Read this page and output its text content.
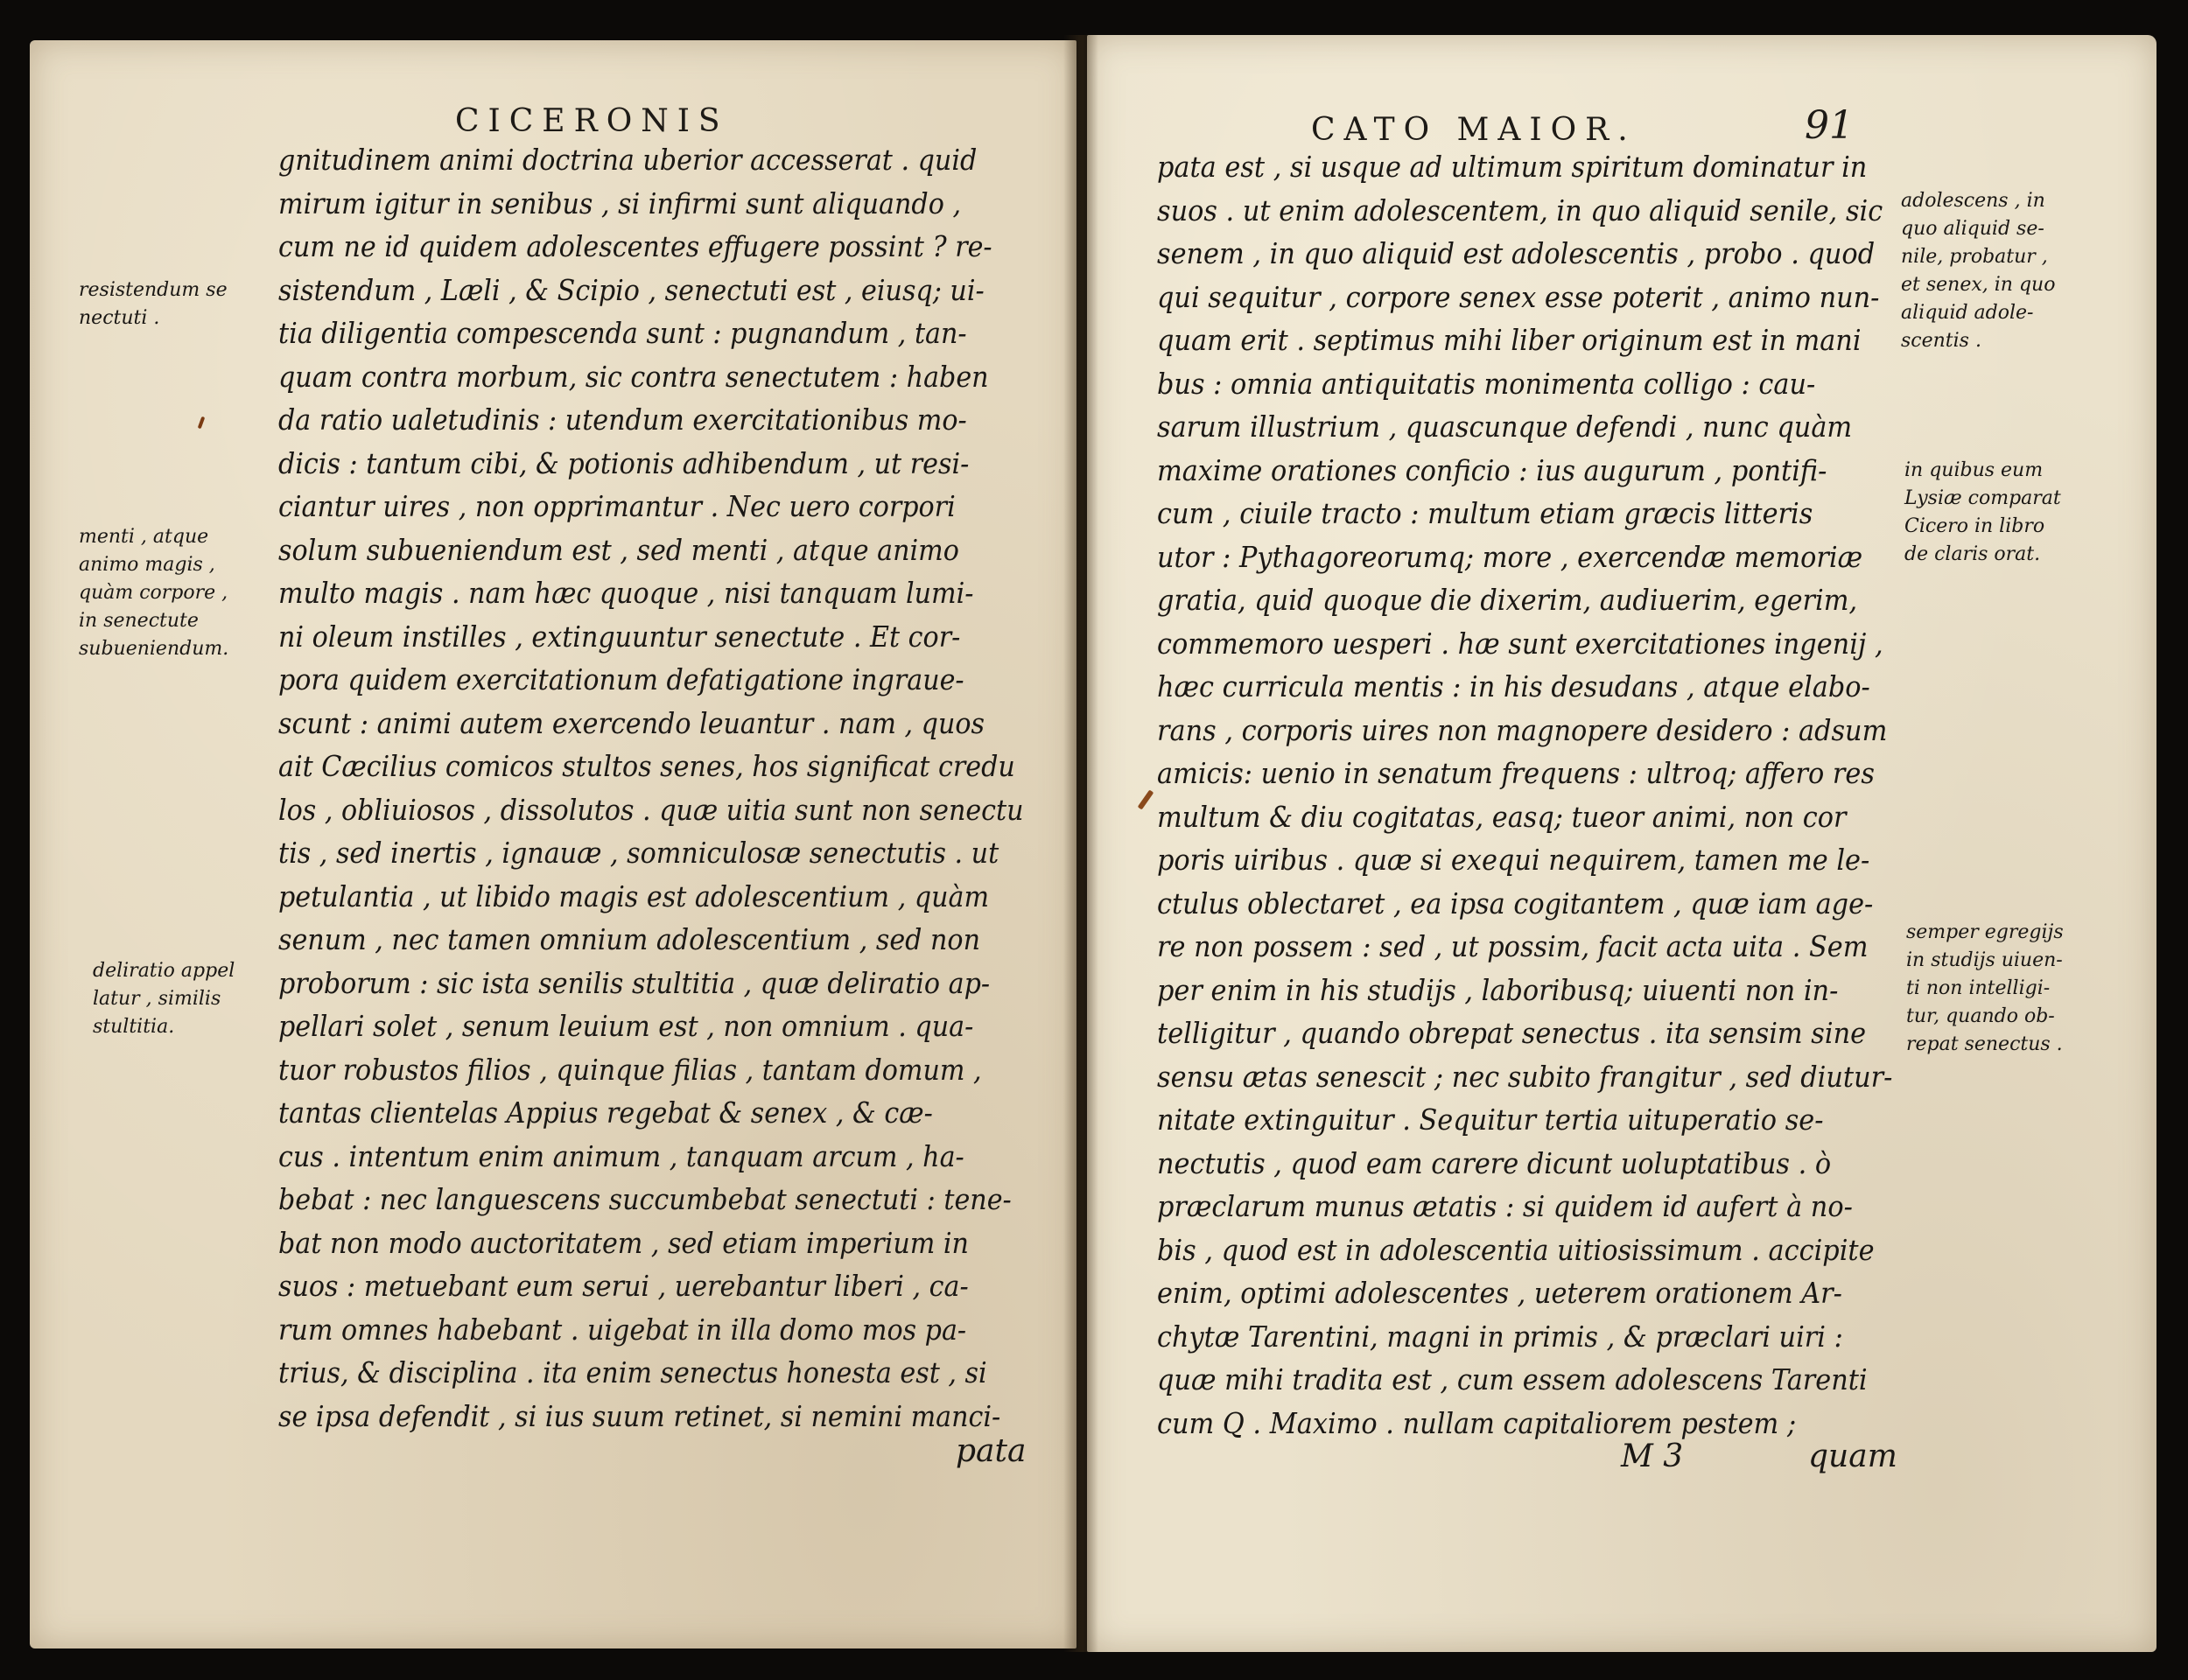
CICERONIS
gnitudinem animi doctrina uberior accesserat . quid
mirum igitur in senibus , si infirmi sunt aliquando ,
cum ne id quidem adolescentes effugere possint ? re-
sistendum , Læli , & Scipio , senectuti est , eiusq; ui-
tia diligentia compescenda sunt : pugnandum , tan-
quam contra morbum, sic contra senectutem : haben
da ratio ualetudinis : utendum exercitationibus mo-
dicis : tantum cibi, & potionis adhibendum , ut resi-
ciantur uires , non opprimantur . Nec uero corpori
solum subueniendum est , sed menti , atque animo
multo magis . nam hæc quoque , nisi tanquam lumi-
ni oleum instilles , extinguuntur senectute . Et cor-
pora quidem exercitationum defatigatione ingraue-
scunt : animi autem exercendo leuantur . nam , quos
ait Cæcilius comicos stultos senes, hos significat credu
los , obliuiosos , dissolutos . quæ uitia sunt non senectu
tis , sed inertis , ignauæ , somniculosæ senectutis . ut
petulantia , ut libido magis est adolescentium , quàm
senum , nec tamen omnium adolescentium , sed non
proborum : sic ista senilis stultitia , quæ deliratio ap-
pellari solet , senum leuium est , non omnium . qua-
tuor robustos filios , quinque filias , tantam domum ,
tantas clientelas Appius regebat & senex , & cæ-
cus . intentum enim animum , tanquam arcum , ha-
bebat : nec languescens succumbebat senectuti : tene-
bat non modo auctoritatem , sed etiam imperium in
suos : metuebant eum serui , uerebantur liberi , ca-
rum omnes habebant . uigebat in illa domo mos pa-
trius, & disciplina . ita enim senectus honesta est , si
se ipsa defendit , si ius suum retinet, si nemini manci-
resistendum se
nectuti .
menti , atque
animo magis ,
quàm corpore ,
in senectute
subueniendum.
deliratio appel
latur , similis
stultitia.
pata
CATO MAIOR.	91
pata est , si usque ad ultimum spiritum dominatur in
suos . ut enim adolescentem, in quo aliquid senile, sic
senem , in quo aliquid est adolescentis , probo . quod
qui sequitur , corpore senex esse poterit , animo nun-
quam erit . septimus mihi liber originum est in mani
bus : omnia antiquitatis monimenta colligo : cau-
sarum illustrium , quascunque defendi , nunc quàm
maxime orationes conficio : ius augurum , pontifi-
cum , ciuile tracto : multum etiam græcis litteris
utor : Pythagoreorumq; more , exercendæ memoriæ
gratia, quid quoque die dixerim, audiuerim, egerim,
commemoro uesperi . hæ sunt exercitationes ingenij ,
hæc curricula mentis : in his desudans , atque elabo-
rans , corporis uires non magnopere desidero : adsum
amicis: uenio in senatum frequens : ultroq; affero res
multum & diu cogitatas, easq; tueor animi, non cor
poris uiribus . quæ si exequi nequirem, tamen me le-
ctulus oblectaret , ea ipsa cogitantem , quæ iam age-
re non possem : sed , ut possim, facit acta uita . Sem
per enim in his studijs , laboribusq; uiuenti non in-
telligitur , quando obrepat senectus . ita sensim sine
sensu ætas senescit ; nec subito frangitur , sed diutur-
nitate extinguitur . Sequitur tertia uituperatio se-
nectutis , quod eam carere dicunt uoluptatibus . ò
præclarum munus ætatis : si quidem id aufert à no-
bis , quod est in adolescentia uitiosissimum . accipite
enim, optimi adolescentes , ueterem orationem Ar-
chytæ Tarentini, magni in primis , & præclari uiri :
quæ mihi tradita est , cum essem adolescens Tarenti
cum Q . Maximo . nullam capitaliorem pestem ;
adolescens , in
quo aliquid se-
nile, probatur ,
et senex, in quo
aliquid adole-
scentis .
in quibus eum
Lysiæ comparat
Cicero in libro
de claris orat.
semper egregijs
in studijs uiuen-
ti non intelligi-
tur, quando ob-
repat senectus .
M 3	quam
